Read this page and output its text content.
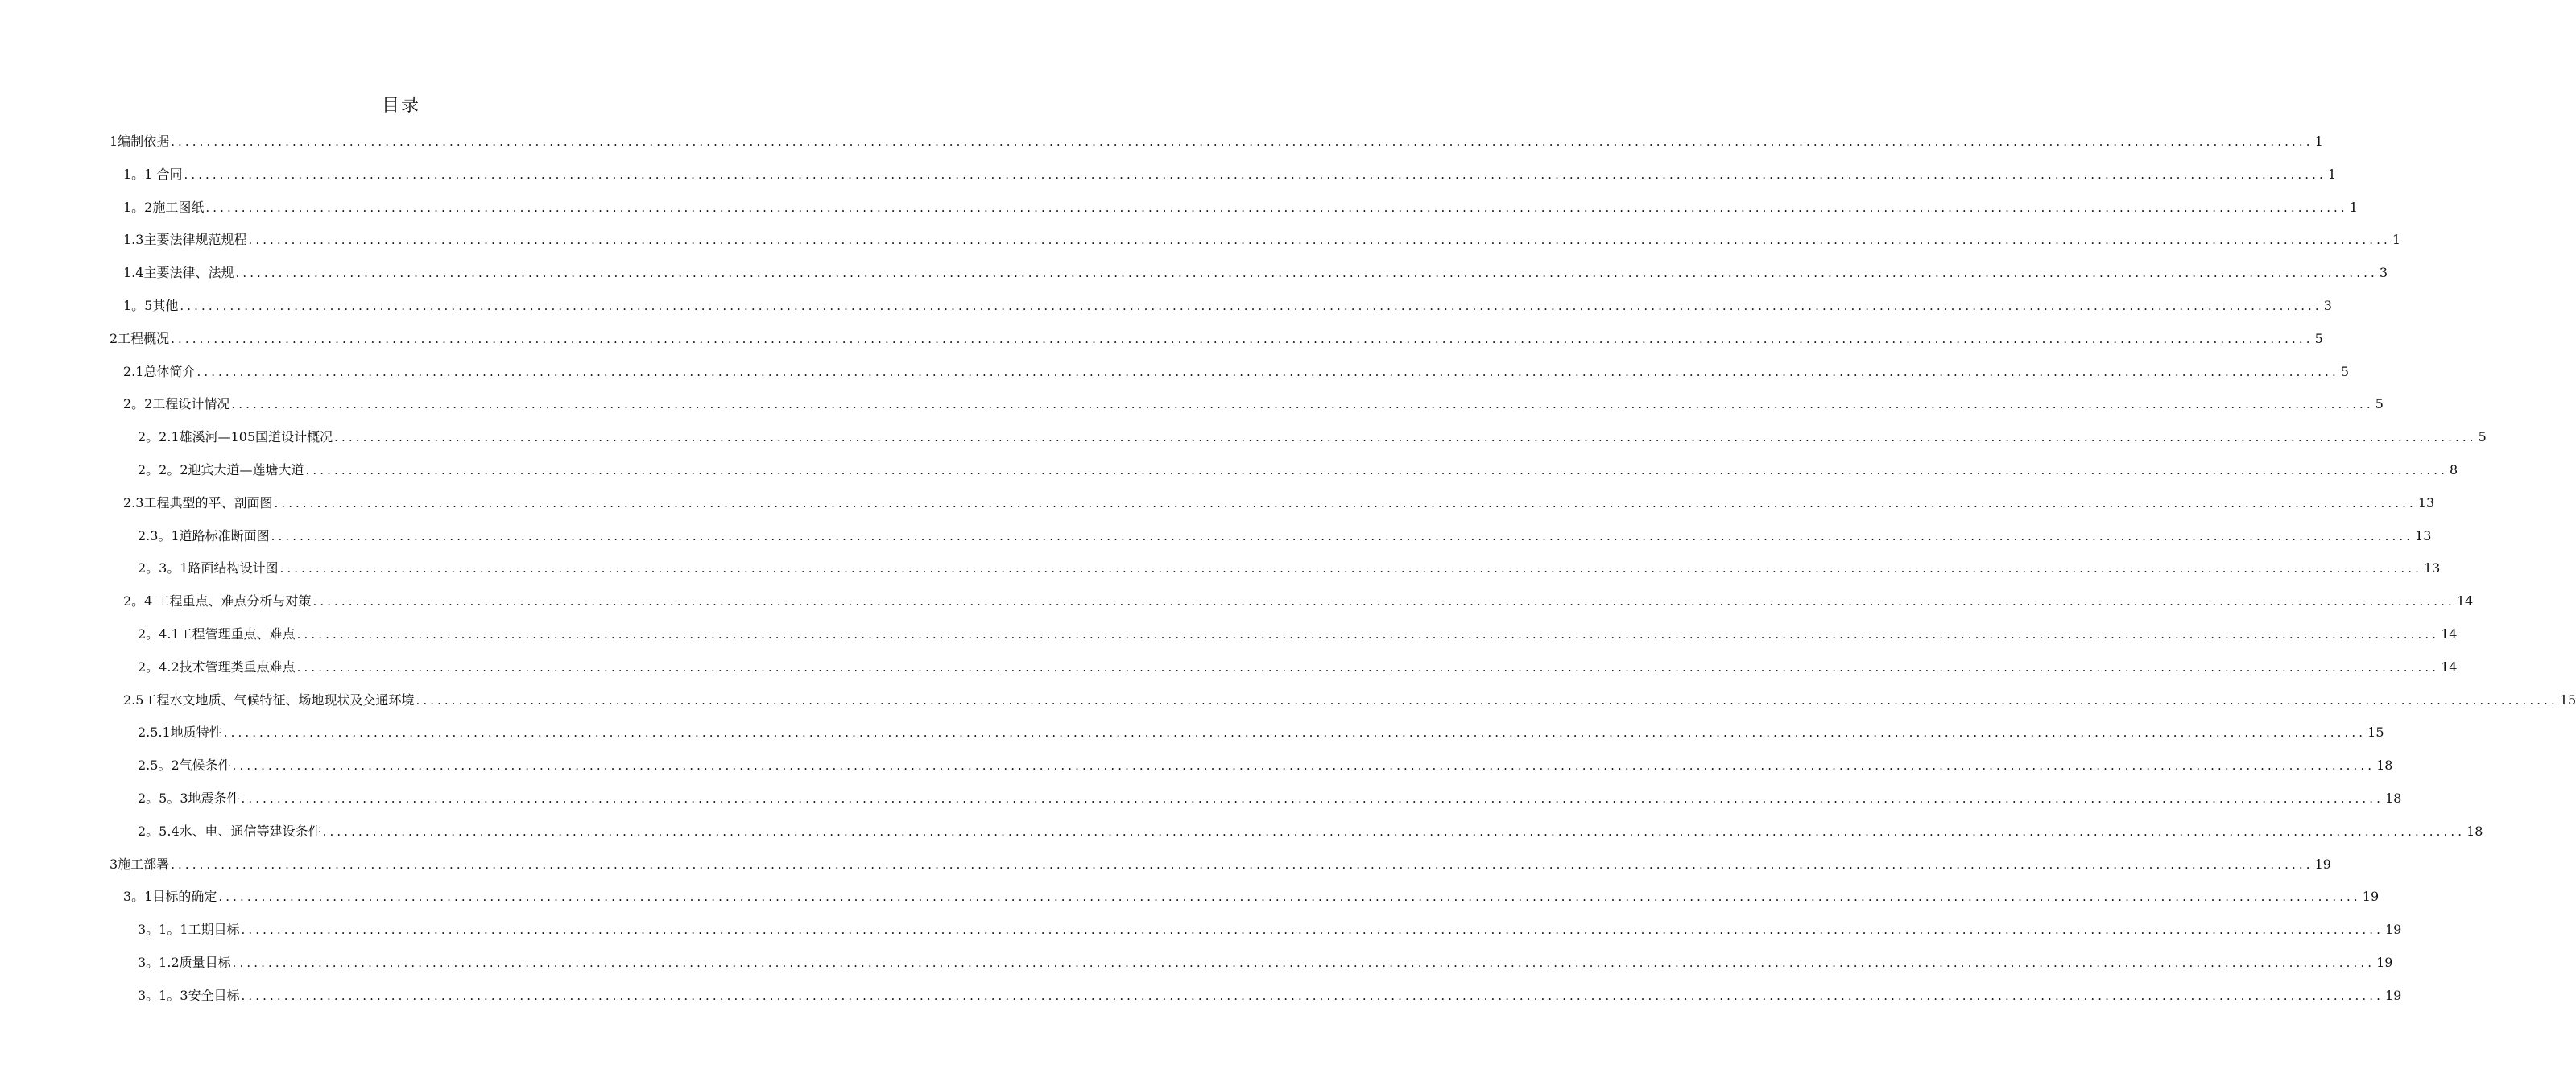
目录
1编制依据 ............................................................................................................................................................................................................................................................................................................ 1
1。1 合同 ............................................................................................................................................................................................................................................................................................................ 1
1。2施工图纸 ............................................................................................................................................................................................................................................................................................................ 1
1.3主要法律规范规程 ............................................................................................................................................................................................................................................................................................................ 1
1.4主要法律、法规 ............................................................................................................................................................................................................................................................................................................ 3
1。5其他 ............................................................................................................................................................................................................................................................................................................ 3
2工程概况 ............................................................................................................................................................................................................................................................................................................ 5
2.1总体简介 ............................................................................................................................................................................................................................................................................................................ 5
2。2工程设计情况 ............................................................................................................................................................................................................................................................................................................ 5
2。2.1雄溪河—105国道设计概况 ............................................................................................................................................................................................................................................................................................................ 5
2。2。2迎宾大道—莲塘大道 ............................................................................................................................................................................................................................................................................................................ 8
2.3工程典型的平、剖面图 ............................................................................................................................................................................................................................................................................................................ 13
2.3。1道路标准断面图 ............................................................................................................................................................................................................................................................................................................ 13
2。3。1路面结构设计图 ............................................................................................................................................................................................................................................................................................................ 13
2。4 工程重点、难点分析与对策 ............................................................................................................................................................................................................................................................................................................ 14
2。4.1工程管理重点、难点 ............................................................................................................................................................................................................................................................................................................ 14
2。4.2技术管理类重点难点 ............................................................................................................................................................................................................................................................................................................ 14
2.5工程水文地质、气候特征、场地现状及交通环境 ............................................................................................................................................................................................................................................................................................................ 15
2.5.1地质特性 ............................................................................................................................................................................................................................................................................................................ 15
2.5。2气候条件 ............................................................................................................................................................................................................................................................................................................ 18
2。5。3地震条件 ............................................................................................................................................................................................................................................................................................................ 18
2。5.4水、电、通信等建设条件 ............................................................................................................................................................................................................................................................................................................ 18
3施工部署 ............................................................................................................................................................................................................................................................................................................ 19
3。1目标的确定 ............................................................................................................................................................................................................................................................................................................ 19
3。1。1工期目标 ............................................................................................................................................................................................................................................................................................................ 19
3。1.2质量目标 ............................................................................................................................................................................................................................................................................................................ 19
3。1。3安全目标 ............................................................................................................................................................................................................................................................................................................ 19
